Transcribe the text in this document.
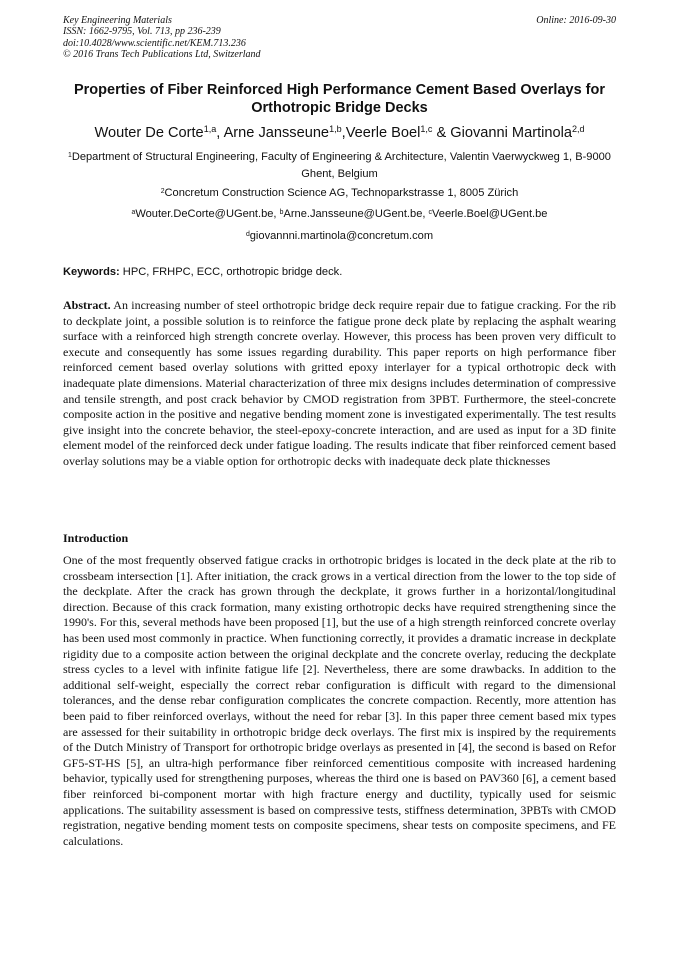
Key Engineering Materials
ISSN: 1662-9795, Vol. 713, pp 236-239
doi:10.4028/www.scientific.net/KEM.713.236
© 2016 Trans Tech Publications Ltd, Switzerland
Online: 2016-09-30
Properties of Fiber Reinforced High Performance Cement Based Overlays for Orthotropic Bridge Decks
Wouter De Corte$^{1,a}$, Arne Jansseune$^{1,b}$,Veerle Boel$^{1,c}$ & Giovanni Martinola$^{2,d}$
$^1$Department of Structural Engineering, Faculty of Engineering & Architecture, Valentin Vaerwyckweg 1, B-9000 Ghent, Belgium
$^2$Concretum Construction Science AG, Technoparkstrasse 1, 8005 Zürich
$^a$Wouter.DeCorte@UGent.be, $^b$Arne.Jansseune@UGent.be, $^c$Veerle.Boel@UGent.be
$^d$giovannni.martinola@concretum.com
Keywords: HPC, FRHPC, ECC, orthotropic bridge deck.
Abstract. An increasing number of steel orthotropic bridge deck require repair due to fatigue cracking. For the rib to deckplate joint, a possible solution is to reinforce the fatigue prone deck plate by replacing the asphalt wearing surface with a reinforced high strength concrete overlay. However, this process has been proven very difficult to execute and consequently has some issues regarding durability. This paper reports on high performance fiber reinforced cement based overlay solutions with gritted epoxy interlayer for a typical orthotropic deck with inadequate plate dimensions. Material characterization of three mix designs includes determination of compressive and tensile strength, and post crack behavior by CMOD registration from 3PBT. Furthermore, the steel-concrete composite action in the positive and negative bending moment zone is investigated experimentally. The test results give insight into the concrete behavior, the steel-epoxy-concrete interaction, and are used as input for a 3D finite element model of the reinforced deck under fatigue loading. The results indicate that fiber reinforced cement based overlay solutions may be a viable option for orthotropic decks with inadequate deck plate thicknesses
Introduction
One of the most frequently observed fatigue cracks in orthotropic bridges is located in the deck plate at the rib to crossbeam intersection [1]. After initiation, the crack grows in a vertical direction from the lower to the top side of the deckplate. After the crack has grown through the deckplate, it grows further in a horizontal/longitudinal direction. Because of this crack formation, many existing orthotropic decks have required strengthening since the 1990's. For this, several methods have been proposed [1], but the use of a high strength reinforced concrete overlay has been used most commonly in practice. When functioning correctly, it provides a dramatic increase in deckplate rigidity due to a composite action between the original deckplate and the concrete overlay, reducing the deckplate stress cycles to a level with infinite fatigue life [2]. Nevertheless, there are some drawbacks. In addition to the additional self-weight, especially the correct rebar configuration is difficult with regard to the dimensional tolerances, and the dense rebar configuration complicates the concrete compaction. Recently, more attention has been paid to fiber reinforced overlays, without the need for rebar [3]. In this paper three cement based mix types are assessed for their suitability in orthotropic bridge deck overlays. The first mix is inspired by the requirements of the Dutch Ministry of Transport for orthotropic bridge overlays as presented in [4], the second is based on Refor GF5-ST-HS [5], an ultra-high performance fiber reinforced cementitious composite with increased hardening behavior, typically used for strengthening purposes, whereas the third one is based on PAV360 [6], a cement based fiber reinforced bi-component mortar with high fracture energy and ductility, typically used for seismic applications. The suitability assessment is based on compressive tests, stiffness determination, 3PBTs with CMOD registration, negative bending moment tests on composite specimens, shear tests on composite specimens, and FE calculations.
